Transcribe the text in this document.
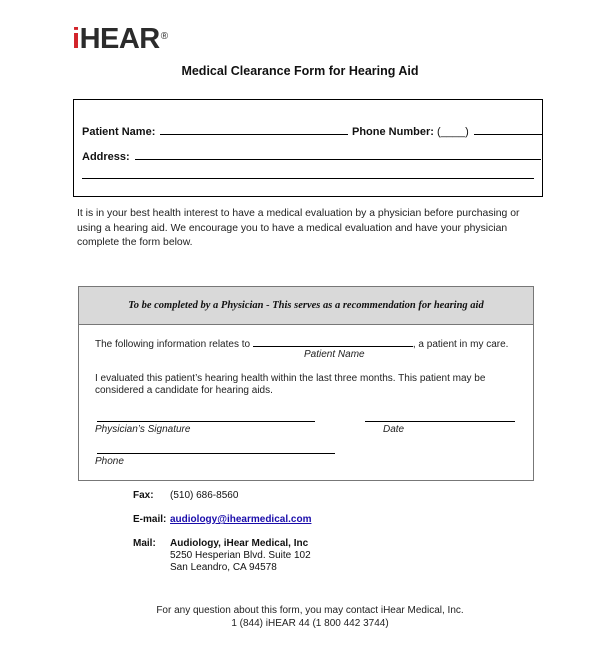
iHEAR®
Medical Clearance Form for Hearing Aid
Patient Name:	Phone Number: (____)
Address:
It is in your best health interest to have a medical evaluation by a physician before purchasing or using a hearing aid. We encourage you to have a medical evaluation and have your physician complete the form below.
To be completed by a Physician - This serves as a recommendation for hearing aid
The following information relates to	, a patient in my care.
Patient Name
I evaluated this patient’s hearing health within the last three months. This patient may be
considered a candidate for hearing aids.
Physician’s Signature	Date
Phone
Fax: (510) 686-8560
E-mail: audiology@ihearmedical.com
Mail: Audiology, iHear Medical, Inc
5250 Hesperian Blvd. Suite 102
San Leandro, CA 94578
For any question about this form, you may contact iHear Medical, Inc.
1 (844) iHEAR 44 (1 800 442 3744)
